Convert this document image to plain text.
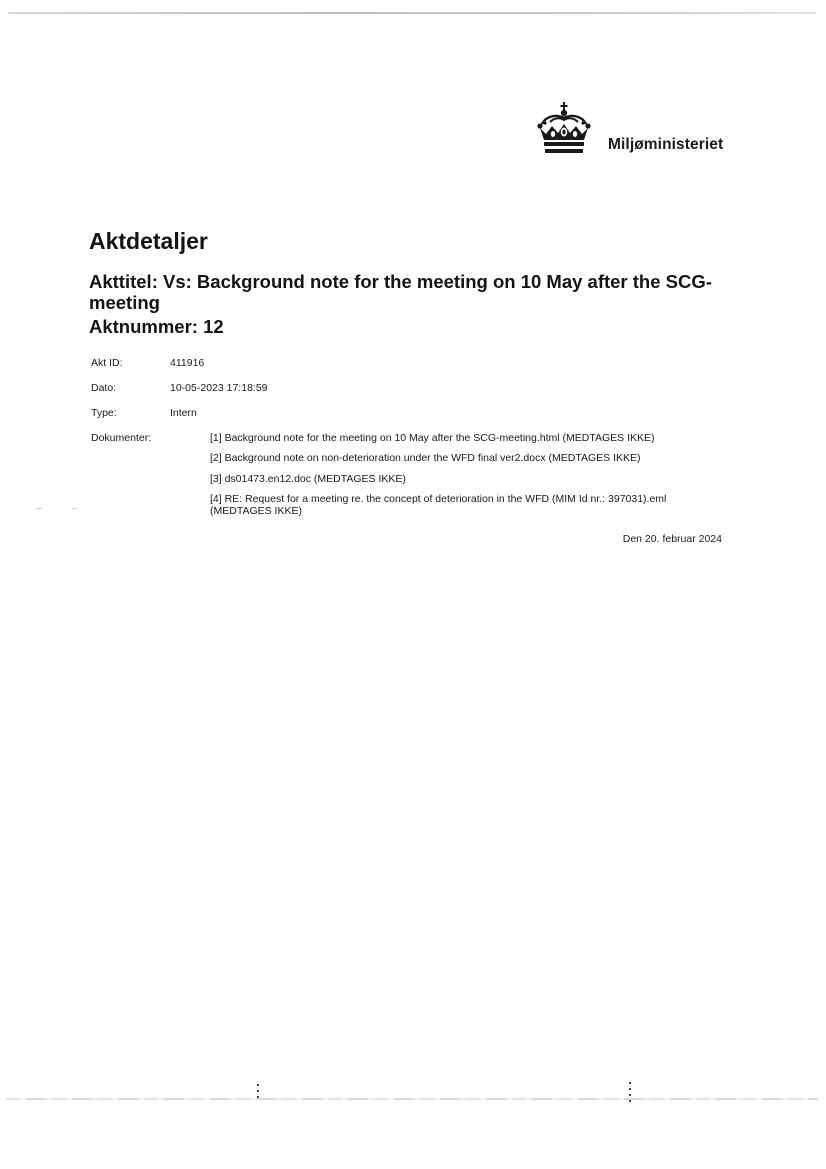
Miljøministeriet
Aktdetaljer
Akttitel: Vs: Background note for the meeting on 10 May after the SCG-meeting
Aktnummer: 12
Akt ID:	411916
Dato:	10-05-2023 17:18:59
Type:	Intern
Dokumenter:	[1] Background note for the meeting on 10 May after the SCG-meeting.html (MEDTAGES IKKE)
[2] Background note on non-deterioration under the WFD final ver2.docx (MEDTAGES IKKE)
[3] ds01473.en12.doc (MEDTAGES IKKE)
[4] RE: Request for a meeting re. the concept of deterioration in the WFD (MIM Id nr.: 397031).eml (MEDTAGES IKKE)
Den 20. februar 2024
